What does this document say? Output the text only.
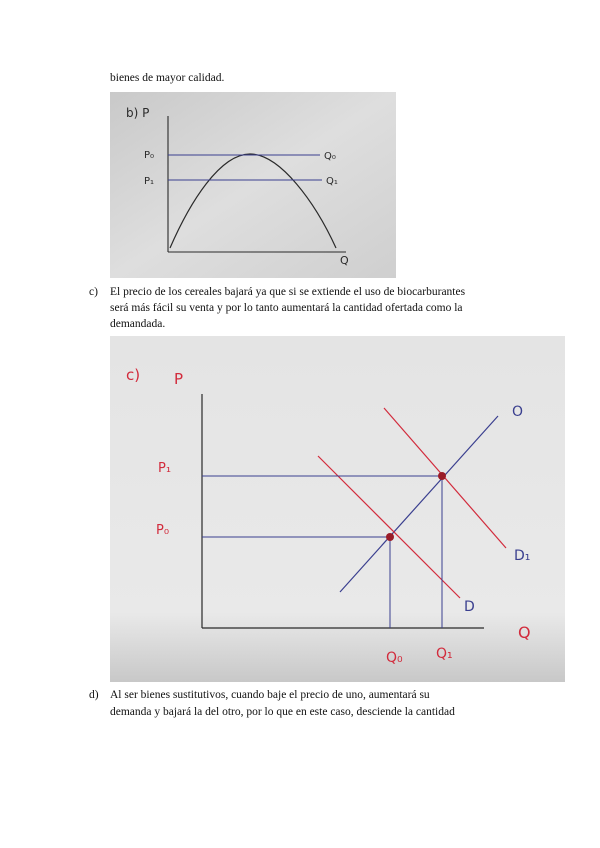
bienes de mayor calidad.
b) P
P₀
P₁
Q₀
Q₁
Q
c) El precio de los cereales bajará ya que si se extiende el uso de biocarburantes
será más fácil su venta y por lo tanto aumentará la cantidad ofertada como la
demandada.
c) P
P₁
P₀
O
D₁
D
Q
Q₀ Q₁
d) Al ser bienes sustitutivos, cuando baje el precio de uno, aumentará su
demanda y bajará la del otro, por lo que en este caso, desciende la cantidad
